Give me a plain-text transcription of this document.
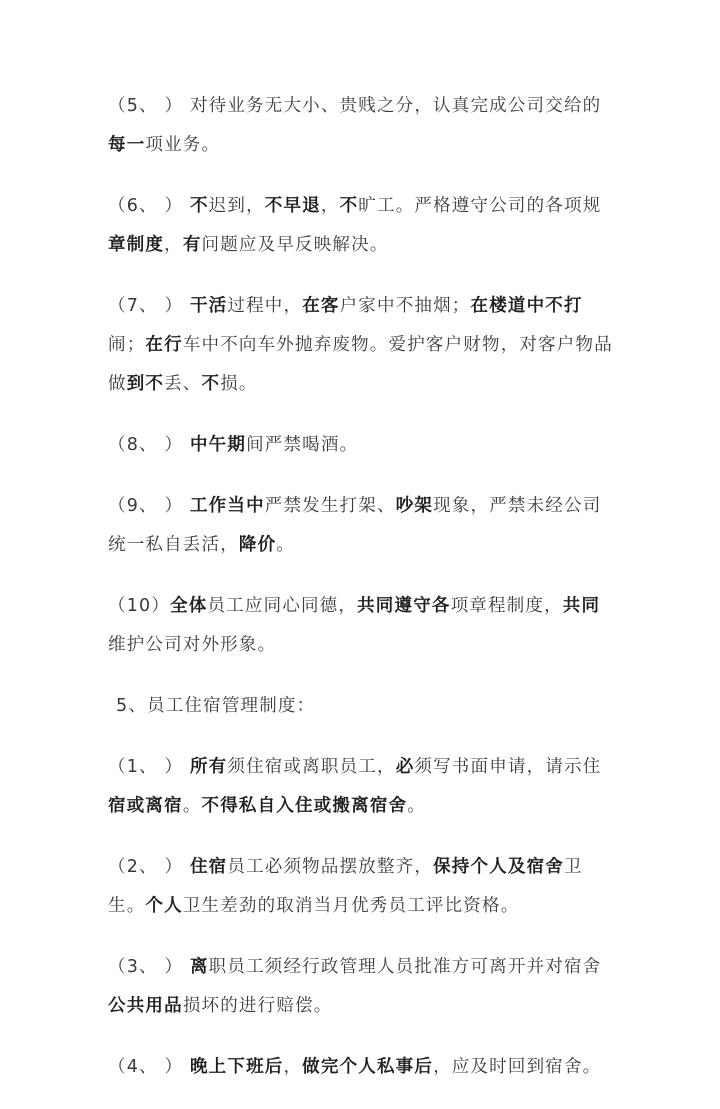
（5、 ） 对待业务无大小、贵贱之分，认真完成公司交给的每一项业务。

（6、 ） 不迟到，不早退，不旷工。严格遵守公司的各项规章制度，有问题应及早反映解决。

（7、 ） 干活过程中，在客户家中不抽烟；在楼道中不打闹；在行车中不向车外抛弃废物。爱护客户财物，对客户物品做到不丢、不损。

（8、 ） 中午期间严禁喝酒。

（9、 ） 工作当中严禁发生打架、吵架现象，严禁未经公司统一私自丢活，降价。

（10）全体员工应同心同德，共同遵守各项章程制度，共同维护公司对外形象。

5、员工住宿管理制度：

（1、 ） 所有须住宿或离职员工，必须写书面申请，请示住宿或离宿。不得私自入住或搬离宿舍。

（2、 ） 住宿员工必须物品摆放整齐，保持个人及宿舍卫生。个人卫生差劲的取消当月优秀员工评比资格。

（3、 ） 离职员工须经行政管理人员批准方可离开并对宿舍公共用品损坏的进行赔偿。

（4、 ） 晚上下班后，做完个人私事后，应及时回到宿舍。
